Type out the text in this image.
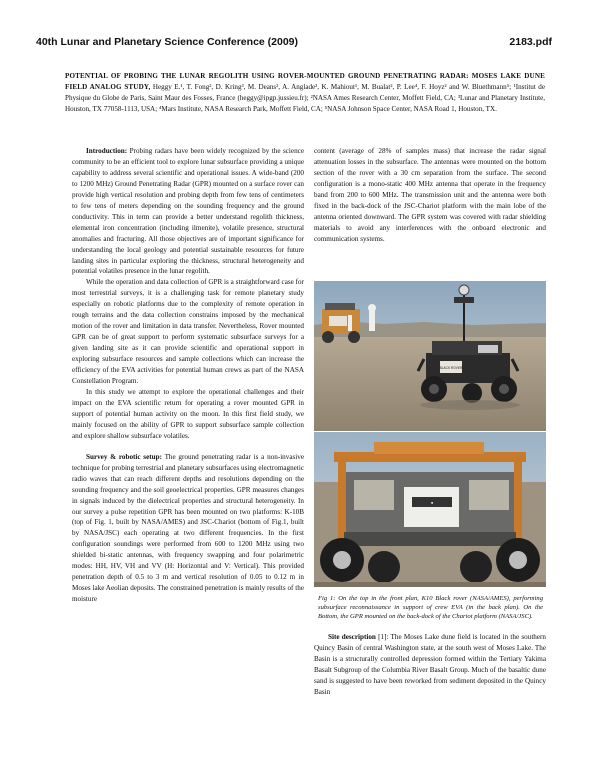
40th Lunar and Planetary Science Conference (2009)	2183.pdf
POTENTIAL OF PROBING THE LUNAR REGOLITH USING ROVER-MOUNTED GROUND PENETRATING RADAR: MOSES LAKE DUNE FIELD ANALOG STUDY, Heggy E.¹, T. Fong², D. Kring³, M. Deans², A. Anglade², K. Mahiout¹, M. Bualat², P. Lee⁴, F. Hoyz² and W. Bluethmann⁵; ¹Institut de Physique du Globe de Paris, Saint Maur des Fosses, France (heggy@ipgp.jussieu.fr); ²NASA Ames Research Center, Moffett Field, CA; ³Lunar and Planetary Institute, Houston, TX 77058-1113, USA; ⁴Mars Institute, NASA Research Park, Moffett Field, CA; ⁵NASA Johnson Space Center, NASA Road 1, Houston, TX.

Introduction: Probing radars have been widely recognized by the science community to be an efficient tool to explore lunar subsurface providing a unique capability to address several scientific and operational issues. A wide-band (200 to 1200 MHz) Ground Penetrating Radar (GPR) mounted on a surface rover can provide high vertical resolution and probing depth from few tens of centimeters to few tens of meters depending on the sounding frequency and the ground conductivity. This in term can provide a better understand regolith thickness, elemental iron concentration (including ilmenite), volatile presence, structural anomalies and fracturing. All those objectives are of important significance for understanding the local geology and potential sustainable resources for future landing sites in particular exploring the thickness, structural heterogeneity and potential volatiles presence in the lunar regolith.

While the operation and data collection of GPR is a straightforward case for most terrestrial surveys, it is a challenging task for remote planetary study especially on robotic platforms due to the complexity of remote operation in rough terrains and the data collection constrains imposed by the mechanical motion of the rover and limitation in data transfer. Nevertheless, Rover mounted GPR can be of great support to perform systematic subsurface surveys for a given landing site as it can provide scientific and operational support in exploring subsurface resources and sample collections which can increase the efficiency of the EVA activities for potential human crews as part of the NASA Constellation Program.

In this study we attempt to explore the operational challenges and their impact on the EVA scientific return for operating a rover mounted GPR in support of potential human activity on the moon. In this first field study, we mainly focused on the ability of GPR to support subsurface sample collection and explore shallow subsurface volatiles.

Survey & robotic setup: The ground penetrating radar is a non-invasive technique for probing terrestrial and planetary subsurfaces using electromagnetic radio waves that can reach different depths and resolutions depending on the sounding frequency and the soil geoelectrical properties. GPR measures changes in signals induced by the dielectrical properties and structural heterogeneity. In our survey a pulse repetition GPR has been mounted on two platforms: K-10B (top of Fig. 1, built by NASA/AMES) and JSC-Chariot (bottom of Fig.1, built by NASA/JSC) each operating at two different frequencies. In the first configuration soundings were performed from 600 to 1200 MHz using two shielded bi-static antennas, with frequency swapping and four polarimetric modes: HH, HV, VH and VV (H: Horizontal and V: Vertical). This provided penetration depth of 0.5 to 3 m and vertical resolution of 0.05 to 0.12 m in Moses lake Aeolian deposits. The constrained penetration is mainly results of the moisture

content (average of 28% of samples mass) that increase the radar signal attenuation losses in the subsurface. The antennas were mounted on the bottom section of the rover with a 30 cm separation from the surface. The second configuration is a mono-static 400 MHz antenna that operate in the frequency band from 200 to 600 MHz. The transmission unit and the antenna were both fixed in the back-dock of the JSC-Chariot platform with the main lobe of the antenna oriented downward. The GPR system was covered with radar shielding materials to avoid any interferences with the onboard electronic and communication systems.

BLACK ROVER
■
Fig 1: On the top in the front plan, K10 Black rover (NASA/AMES), performing subsurface reconnaissance in support of crew EVA (in the back plan). On the Bottom, the GPR mounted on the back-dock of the Chariot platform (NASA/JSC).
Site description [1]: The Moses Lake dune field is located in the southern Quincy Basin of central Washington state, at the south west of Moses Lake. The Basin is a structurally controlled depression formed within the Tertiary Yakima Basalt Subgroup of the Columbia River Basalt Group. Much of the basaltic dune sand is suggested to have been reworked from sediment deposited in the Quincy Basin
